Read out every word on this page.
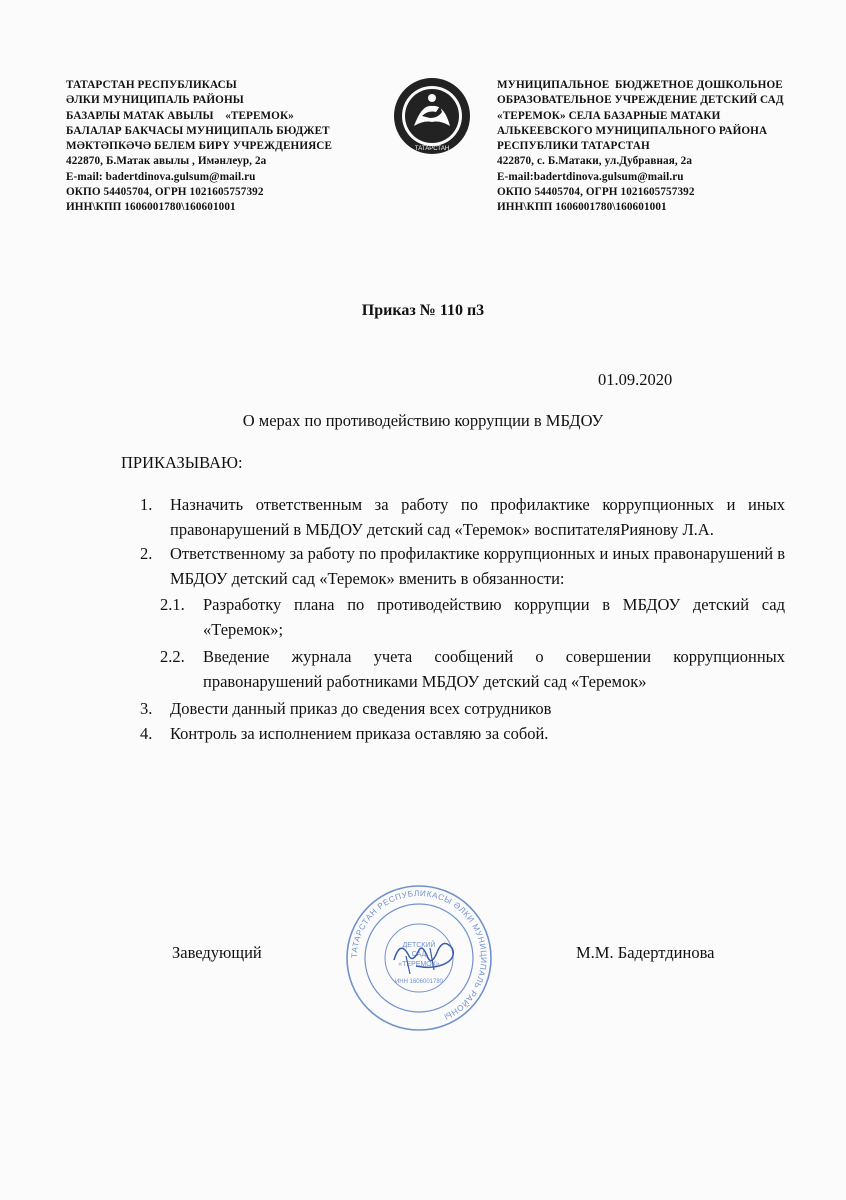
ТАТАРСТАН РЕСПУБЛИКАСЫ
ӘЛКИ МУНИЦИПАЛЬ РАЙОНЫ
БАЗАРЛЫ МАТАК АВЫЛЫ    «ТЕРЕМОК»
БАЛАЛАР БАКЧАСЫ МУНИЦИПАЛЬ БЮДЖЕТ
МӘКТӘПКӘЧӘ БЕЛЕМ БИРҮ УЧРЕЖДЕНИЯСЕ
422870, Б.Матак авылы , Имәнлеур, 2а
E-mail: badertdinova.gulsum@mail.ru
ОКПО 54405704, ОГРН 1021605757392
ИНН\КПП 1606001780\160601001
ТАТАРСТАН
МУНИЦИПАЛЬНОЕ  БЮДЖЕТНОЕ ДОШКОЛЬНОЕ
ОБРАЗОВАТЕЛЬНОЕ УЧРЕЖДЕНИЕ ДЕТСКИЙ САД
«ТЕРЕМОК» СЕЛА БАЗАРНЫЕ МАТАКИ
АЛЬКЕЕВСКОГО МУНИЦИПАЛЬНОГО РАЙОНА
РЕСПУБЛИКИ ТАТАРСТАН
422870, с. Б.Матаки, ул.Дубравная, 2а
E-mail:badertdinova.gulsum@mail.ru
ОКПО 54405704, ОГРН 1021605757392
ИНН\КПП 1606001780\160601001
Приказ № 110 п3
01.09.2020
О мерах по противодействию коррупции в МБДОУ
ПРИКАЗЫВАЮ:
1. Назначить ответственным за работу по профилактике коррупционных и иных правонарушений в МБДОУ детский сад «Теремок» воспитателяРиянову Л.А.
2. Ответственному за работу по профилактике коррупционных и иных правонарушений в МБДОУ детский сад «Теремок» вменить в обязанности:
2.1. Разработку плана по противодействию коррупции в МБДОУ детский сад «Теремок»;
2.2. Введение журнала учета сообщений о совершении коррупционных правонарушений работниками МБДОУ детский сад «Теремок»
3. Довести данный приказ до сведения всех сотрудников
4. Контроль за исполнением приказа оставляю за собой.
ТАТАРСТАН РЕСПУБЛИКАСЫ ӘЛКИ МУНИЦИПАЛЬ РАЙОНЫ
ДЕТСКИЙ
САД
«ТЕРЕМОК»
ИНН 1606001780
Заведующий	М.М. Бадертдинова
